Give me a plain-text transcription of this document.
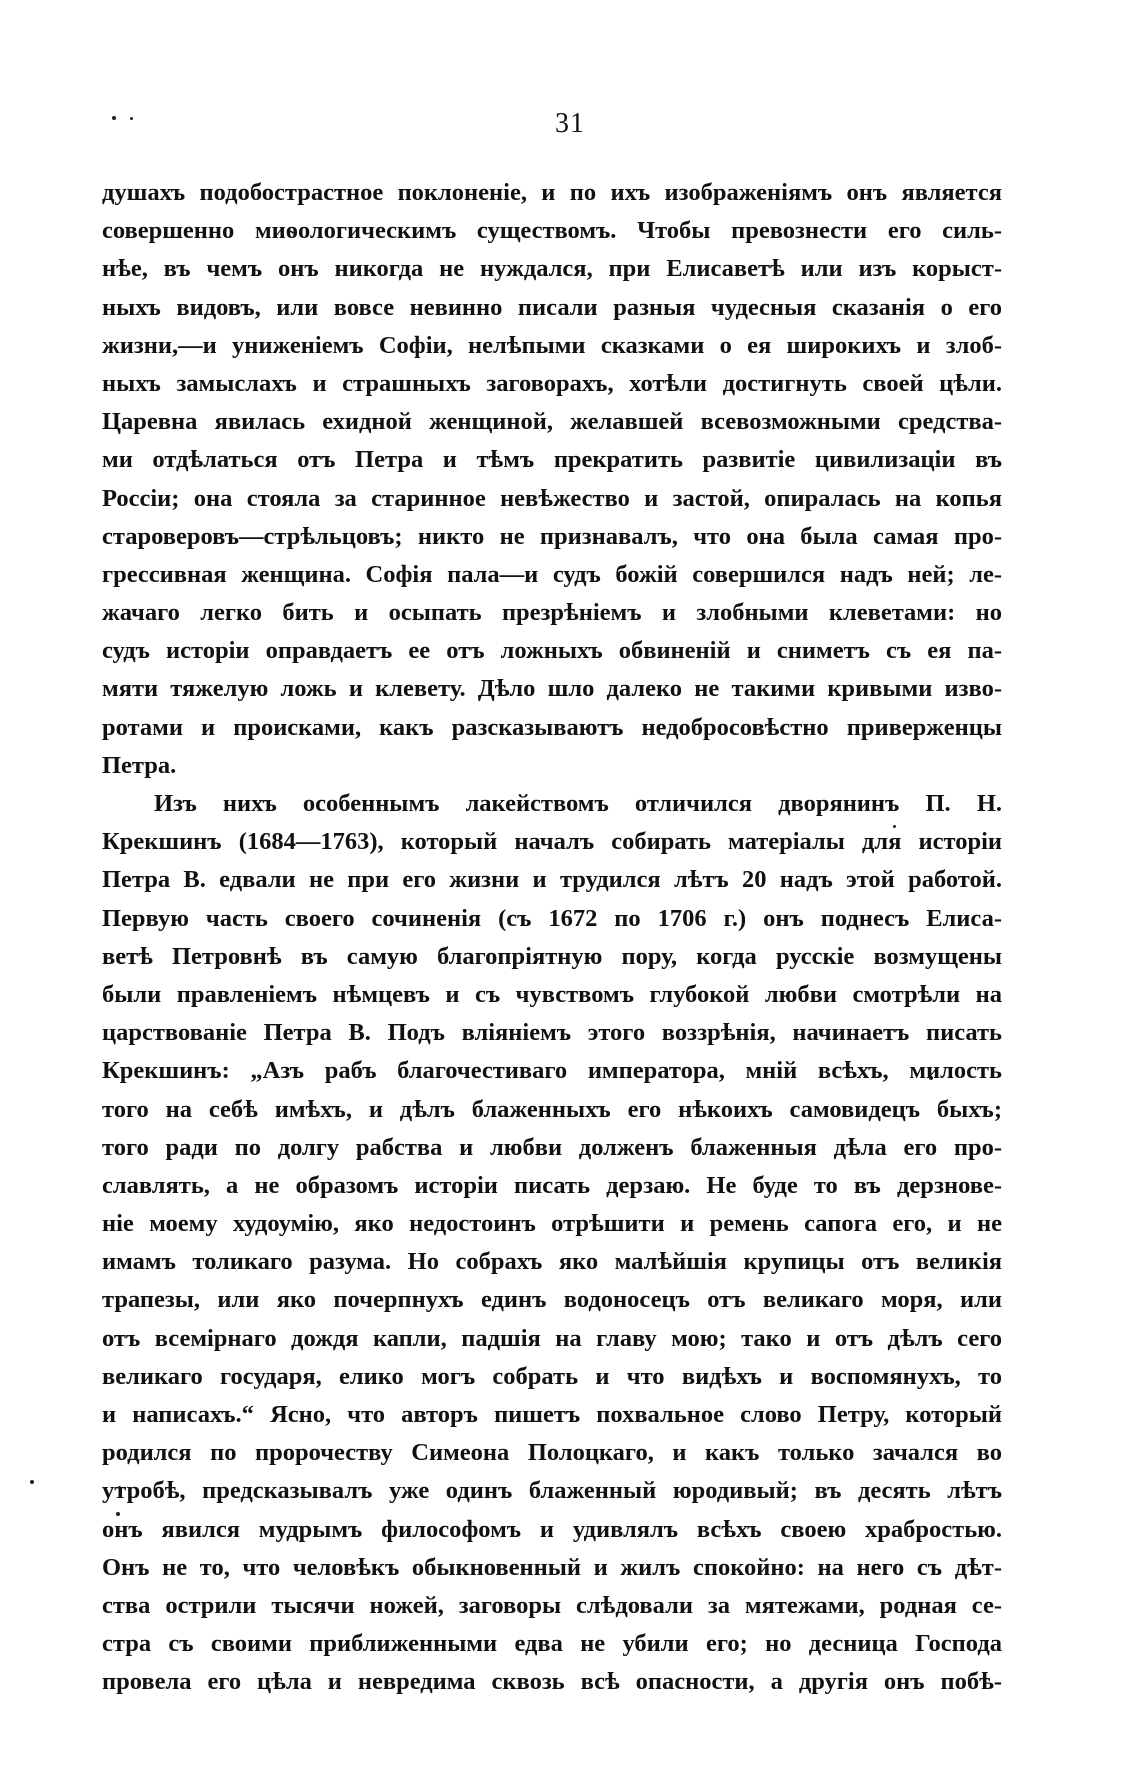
31
душахъ подобострастное поклоненіе, и по ихъ изображеніямъ онъ является
совершенно миѳологическимъ существомъ. Чтобы превознести его силь-
нѣе, въ чемъ онъ никогда не нуждался, при Елисаветѣ или изъ корыст-
ныхъ видовъ, или вовсе невинно писали разныя чудесныя сказанія о его
жизни,—и униженіемъ Софіи, нелѣпыми сказками о ея широкихъ и злоб-
ныхъ замыслахъ и страшныхъ заговорахъ, хотѣли достигнуть своей цѣли.
Царевна явилась ехидной женщиной, желавшей всевозможными средства-
ми отдѣлаться отъ Петра и тѣмъ прекратить развитіе цивилизаціи въ
Россіи; она стояла за старинное невѣжество и застой, опиралась на копья
староверовъ—стрѣльцовъ; никто не признавалъ, что она была самая про-
грессивная женщина. Софія пала—и судъ божій совершился надъ ней; ле-
жачаго легко бить и осыпать презрѣніемъ и злобными клеветами: но
судъ исторіи оправдаетъ ее отъ ложныхъ обвиненій и сниметъ съ ея па-
мяти тяжелую ложь и клевету. Дѣло шло далеко не такими кривыми изво-
ротами и происками, какъ разсказываютъ недобросовѣстно приверженцы
Петра.
Изъ нихъ особеннымъ лакействомъ отличился дворянинъ П. Н.
Крекшинъ (1684—1763), который началъ собирать матеріалы для исторіи
Петра В. едвали не при его жизни и трудился лѣтъ 20 надъ этой работой.
Первую часть своего сочиненія (съ 1672 по 1706 г.) онъ поднесъ Елиса-
ветѣ Петровнѣ въ самую благопріятную пору, когда русскіе возмущены
были правленіемъ нѣмцевъ и съ чувствомъ глубокой любви смотрѣли на
царствованіе Петра В. Подъ вліяніемъ этого воззрѣнія, начинаетъ писать
Крекшинъ: „Азъ рабъ благочестиваго императора, мнiй всѣхъ, милость
того на себѣ имѣхъ, и дѣлъ блаженныхъ его нѣкоихъ самовидецъ быхъ;
того ради по долгу рабства и любви долженъ блаженныя дѣла его про-
славлять, а не образомъ исторіи писать дерзаю. Не буде то въ дерзнове-
ніе моему худоумію, яко недостоинъ отрѣшити и ремень сапога его, и не
имамъ толикаго разума. Но собрахъ яко малѣйшія крупицы отъ великія
трапезы, или яко почерпнухъ единъ водоносецъ отъ великаго моря, или
отъ всемірнаго дождя капли, падшія на главу мою; тако и отъ дѣлъ сего
великаго государя, елико могъ собрать и что видѣхъ и воспомянухъ, то
и написахъ.“ Ясно, что авторъ пишетъ похвальное слово Петру, который
родился по пророчеству Симеона Полоцкаго, и какъ только зачался во
утробѣ, предсказывалъ уже одинъ блаженный юродивый; въ десять лѣтъ
онъ явился мудрымъ философомъ и удивлялъ всѣхъ своею храбростью.
Онъ не то, что человѣкъ обыкновенный и жилъ спокойно: на него съ дѣт-
ства острили тысячи ножей, заговоры слѣдовали за мятежами, родная се-
стра съ своими приближенными едва не убили его; но десница Господа
провела его цѣла и невредима сквозь всѣ опасности, а другія онъ побѣ-
